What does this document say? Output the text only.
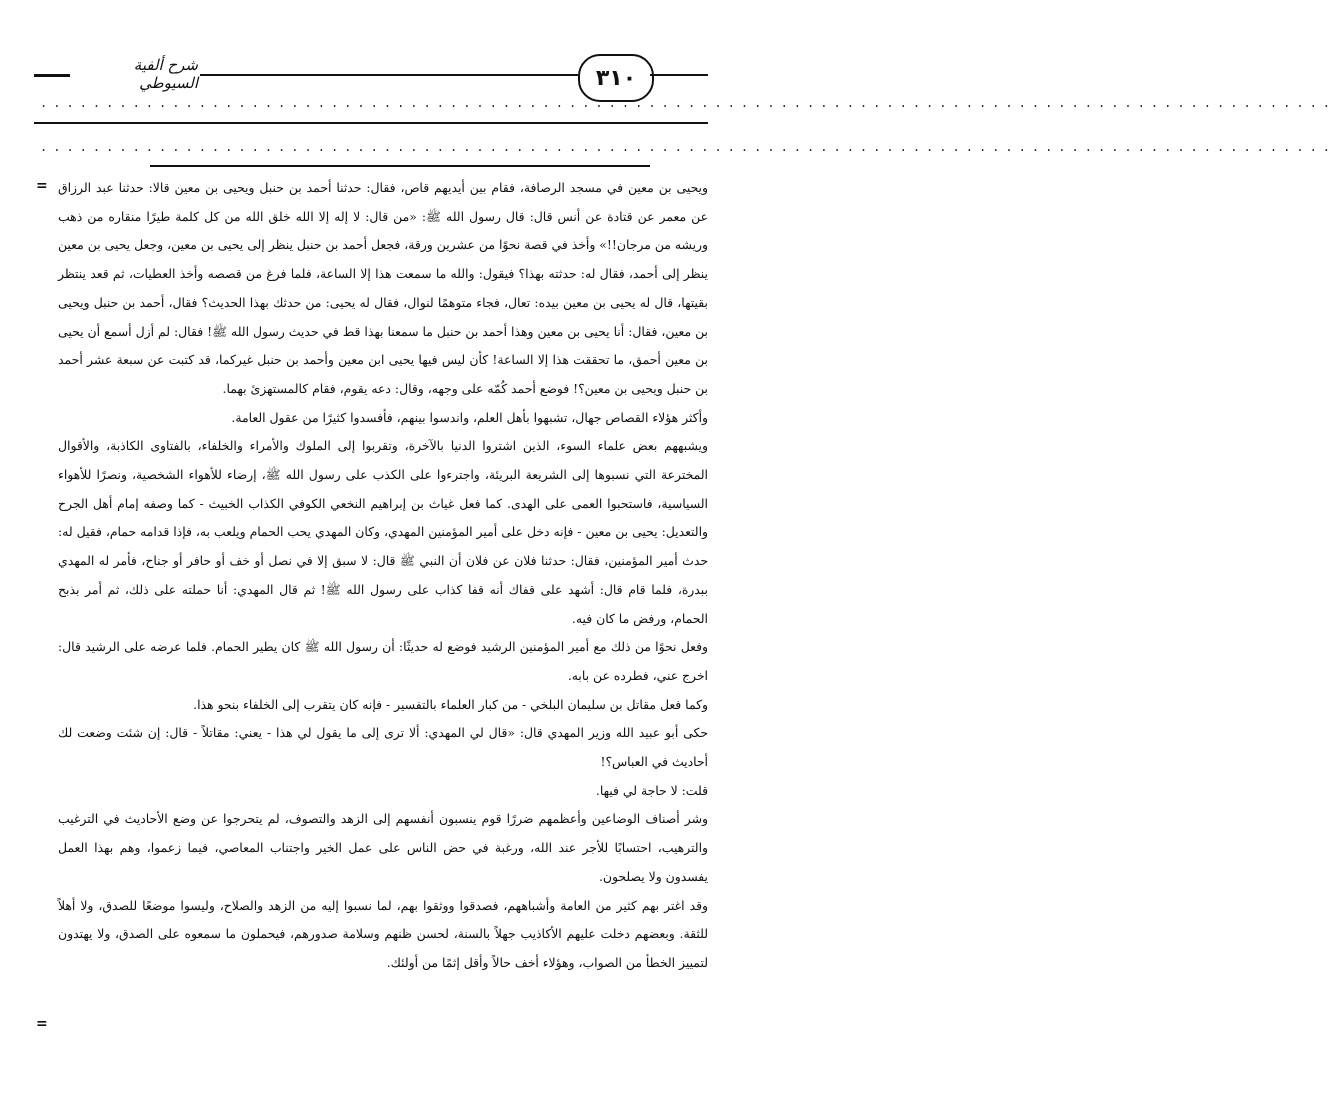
شرح ألفية السيوطي	٣١٠
..................................................................................................
..................................................................................................
= ويحيى بن معين في مسجد الرصافة، فقام بين أيديهم قاص، فقال: حدثنا أحمد بن حنبل ويحيى بن معين قالا: حدثنا عبد الرزاق عن معمر عن قتادة عن أنس قال: قال رسول الله ﷺ: «من قال: لا إله إلا الله خلق الله من كل كلمة طيرًا منقاره من ذهب وريشه من مرجان!!» وأخذ في قصة نحوًا من عشرين ورقة، فجعل أحمد بن حنبل ينظر إلى يحيى بن معين، وجعل يحيى بن معين ينظر إلى أحمد، فقال له: حدثته بهذا؟ فيقول: والله ما سمعت هذا إلا الساعة، فلما فرغ من قصصه وأخذ العطيات، ثم قعد ينتظر بقيتها، قال له يحيى بن معين بيده: تعال، فجاء متوهمًا لنوال، فقال له يحيى: من حدثك بهذا الحديث؟ فقال، أحمد بن حنبل ويحيى بن معين، فقال: أنا يحيى بن معين وهذا أحمد بن حنبل ما سمعنا بهذا قط في حديث رسول الله ﷺ! فقال: لم أزل أسمع أن يحيى بن معين أحمق، ما تحققت هذا إلا الساعة! كأن ليس فيها يحيى ابن معين وأحمد بن حنبل غيركما، قد كتبت عن سبعة عشر أحمد بن حنبل ويحيى بن معين؟! فوضع أحمد كُمّه على وجهه، وقال: دعه يقوم، فقام كالمستهزئ بهما.

وأكثر هؤلاء القصاص جهال، تشبهوا بأهل العلم، واندسوا بينهم، فأفسدوا كثيرًا من عقول العامة.

ويشبههم بعض علماء السوء، الذين اشتروا الدنيا بالآخرة، وتقربوا إلى الملوك والأمراء والخلفاء، بالفتاوى الكاذبة، والأقوال المخترعة التي نسبوها إلى الشريعة البريئة، واجترءوا على الكذب على رسول الله ﷺ، إرضاء للأهواء الشخصية، ونصرًا للأهواء السياسية، فاستحبوا العمى على الهدى. كما فعل غياث بن إبراهيم النخعي الكوفي الكذاب الخبيث - كما وصفه إمام أهل الجرح والتعديل: يحيى بن معين - فإنه دخل على أمير المؤمنين المهدي، وكان المهدي يحب الحمام ويلعب به، فإذا قدامه حمام، فقيل له: حدث أمير المؤمنين، فقال: حدثنا فلان عن فلان أن النبي ﷺ قال: لا سبق إلا في نصل أو خف أو حافر أو جناح، فأمر له المهدي ببدرة، فلما قام قال: أشهد على قفاك أنه قفا كذاب على رسول الله ﷺ! ثم قال المهدي: أنا حملته على ذلك، ثم أمر بذبح الحمام، ورفض ما كان فيه.

وفعل نحوًا من ذلك مع أمير المؤمنين الرشيد فوضع له حديثًا: أن رسول الله ﷺ كان يطير الحمام. فلما عرضه على الرشيد قال: اخرج عني، فطرده عن بابه.

وكما فعل مقاتل بن سليمان البلخي - من كبار العلماء بالتفسير - فإنه كان يتقرب إلى الخلفاء بنحو هذا.

حكى أبو عبيد الله وزير المهدي قال: «قال لي المهدي: ألا ترى إلى ما يقول لي هذا - يعني: مقاتلاً - قال: إن شئت وضعت لك أحاديث في العباس؟!

قلت: لا حاجة لي فيها.

وشر أصناف الوضاعين وأعظمهم ضررًا قوم ينسبون أنفسهم إلى الزهد والتصوف، لم يتحرجوا عن وضع الأحاديث في الترغيب والترهيب، احتسابًا للأجر عند الله، ورغبة في حض الناس على عمل الخير واجتناب المعاصي، فيما زعموا، وهم بهذا العمل يفسدون ولا يصلحون.

وقد اغتر بهم كثير من العامة وأشباههم، فصدقوا ووثقوا بهم، لما نسبوا إليه من الزهد والصلاح، وليسوا موضعًا للصدق، ولا أهلاً للثقة. وبعضهم دخلت عليهم الأكاذيب جهلاً بالسنة، لحسن ظنهم وسلامة صدورهم، فيحملون ما سمعوه على الصدق، ولا يهتدون لتمييز الخطأ من الصواب، وهؤلاء أخف حالاً وأقل إثمًا من أولئك.

=
